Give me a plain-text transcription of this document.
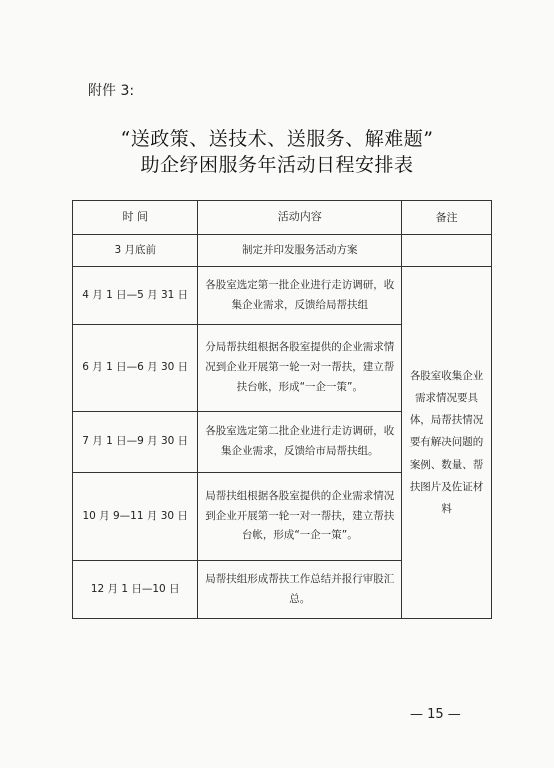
附件 3:
“送政策、送技术、送服务、解难题”
助企纾困服务年活动日程安排表
时 间	活动内容	备注
3 月底前	制定并印发服务活动方案	
4 月 1 日—5 月 31 日	各股室选定第一批企业进行走访调研，收集企业需求，反馈给局帮扶组	各股室收集企业需求情况要具体，局帮扶情况要有解决问题的案例、数量、帮扶图片及佐证材料
6 月 1 日—6 月 30 日	分局帮扶组根据各股室提供的企业需求情况到企业开展第一轮一对一帮扶，建立帮扶台帐，形成“一企一策”。	
7 月 1 日—9 月 30 日	各股室选定第二批企业进行走访调研，收集企业需求，反馈给市局帮扶组。	
10 月 9—11 月 30 日	局帮扶组根据各股室提供的企业需求情况到企业开展第一轮一对一帮扶，建立帮扶台帐，形成“一企一策”。	
12 月 1 日—10 日	局帮扶组形成帮扶工作总结并报行审股汇总。	
— 15 —
